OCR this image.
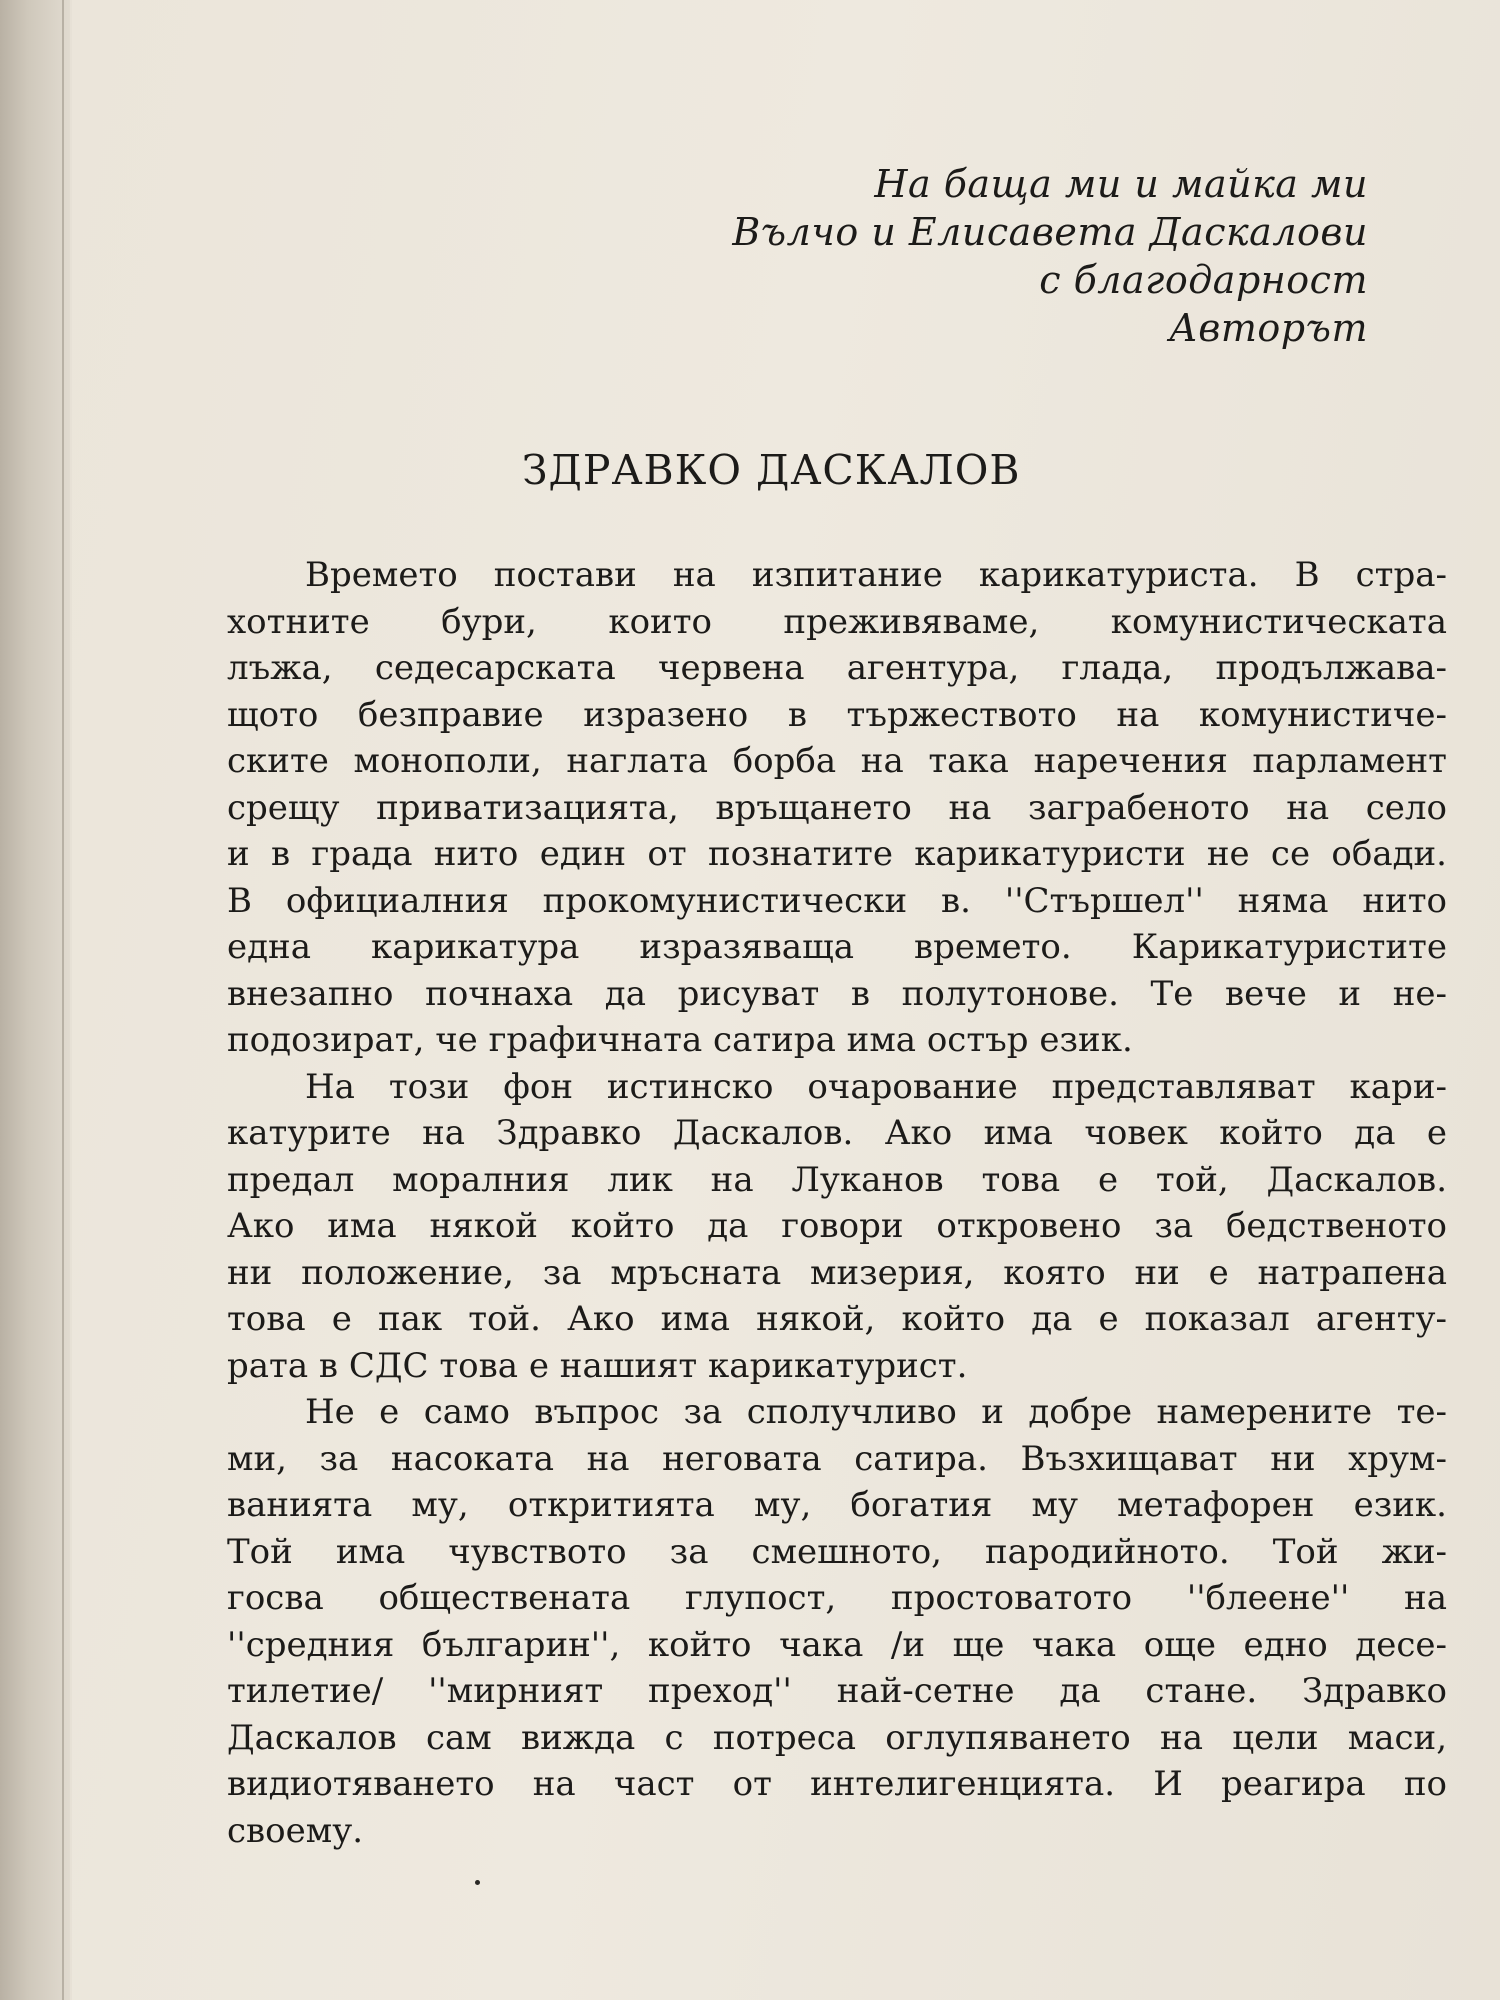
На баща ми и майка ми
Вълчо и Елисавета Даскалови
с благодарност
Авторът
ЗДРАВКО ДАСКАЛОВ
Времето постави на изпитание карикатуриста. В стра-
хотните бури, които преживяваме, комунистическата
лъжа, седесарската червена агентура, глада, продължава-
щото безправие изразено в тържеството на комунистиче-
ските монополи, наглата борба на така наречения парламент
срещу приватизацията, връщането на заграбеното на село
и в града нито един от познатите карикатуристи не се обади.
В официалния прокомунистически в. ''Стършел'' няма нито
една карикатура изразяваща времето. Карикатуристите
внезапно почнаха да рисуват в полутонове. Те вече и не-
подозират, че графичната сатира има остър език.
На този фон истинско очарование представляват кари-
катурите на Здравко Даскалов. Ако има човек който да е
предал моралния лик на Луканов това е той, Даскалов.
Ако има някой който да говори откровено за бедственото
ни положение, за мръсната мизерия, която ни е натрапена
това е пак той. Ако има някой, който да е показал агенту-
рата в СДС това е нашият карикатурист.
Не е само въпрос за сполучливо и добре намерените те-
ми, за насоката на неговата сатира. Възхищават ни хрум-
ванията му, откритията му, богатия му метафорен език.
Той има чувството за смешното, пародийното. Той жи-
госва обществената глупост, простоватото ''блеене'' на
''средния българин'', който чака /и ще чака още едно десе-
тилетие/ ''мирният преход'' най-сетне да стане. Здравко
Даскалов сам вижда с потреса оглупяването на цели маси,
видиотяването на част от интелигенцията. И реагира по
своему.
